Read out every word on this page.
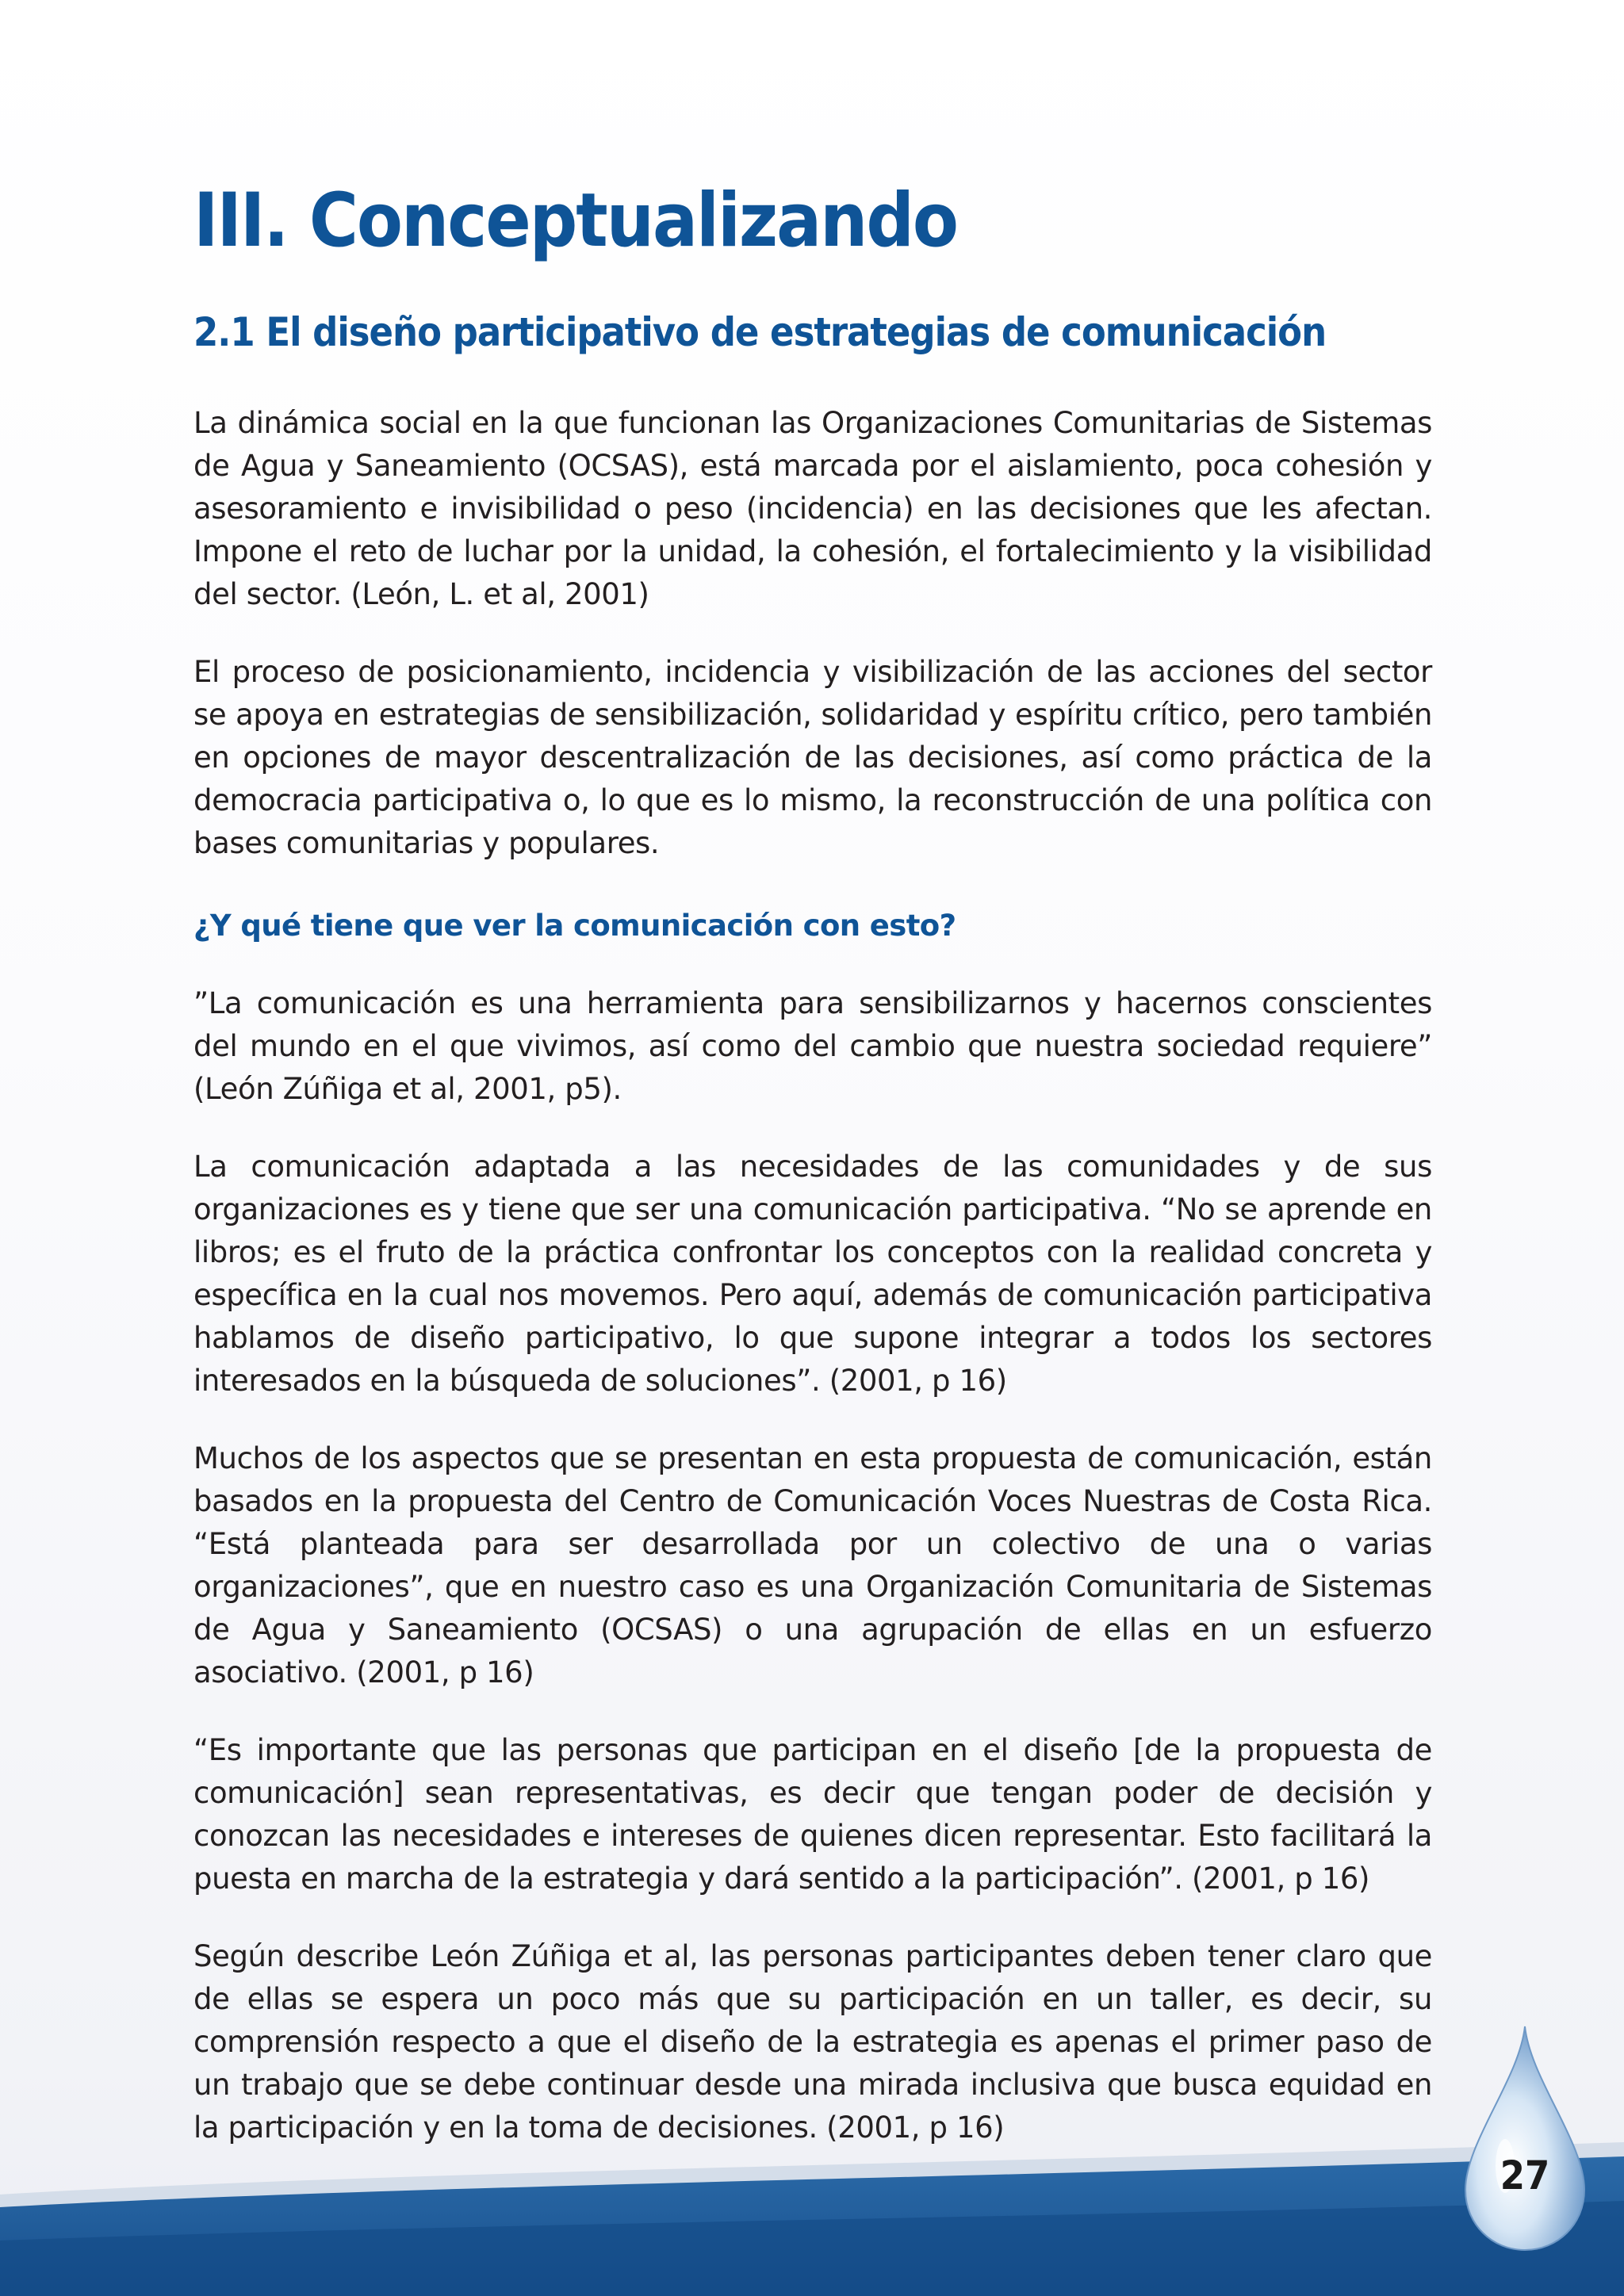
III. Conceptualizando
2.1 El diseño participativo de estrategias de comunicación

La dinámica social en la que funcionan las Organizaciones Comunitarias de Sistemas de Agua y Saneamiento (OCSAS), está marcada por el aislamiento, poca cohesión y asesoramiento e invisibilidad o peso (incidencia) en las decisiones que les afectan. Impone el reto de luchar por la unidad, la cohesión, el fortalecimiento y la visibilidad del sector. (León, L. et al, 2001)

El proceso de posicionamiento, incidencia y visibilización de las acciones del sector se apoya en estrategias de sensibilización, solidaridad y espíritu crítico, pero también en opciones de mayor descentralización de las decisiones, así como práctica de la democracia participativa o, lo que es lo mismo, la reconstrucción de una política con bases comunitarias y populares.

¿Y qué tiene que ver la comunicación con esto?

”La comunicación es una herramienta para sensibilizarnos y hacernos conscientes del mundo en el que vivimos, así como del cambio que nuestra sociedad requiere” (León Zúñiga et al, 2001, p5).

La comunicación adaptada a las necesidades de las comunidades y de sus organizaciones es y tiene que ser una comunicación participativa. “No se aprende en libros; es el fruto de la práctica confrontar los conceptos con la realidad concreta y específica en la cual nos movemos. Pero aquí, además de comunicación participativa hablamos de diseño participativo, lo que supone integrar a todos los sectores interesados en la búsqueda de soluciones”. (2001, p 16)

Muchos de los aspectos que se presentan en esta propuesta de comunicación, están basados en la propuesta del Centro de Comunicación Voces Nuestras de Costa Rica. “Está planteada para ser desarrollada por un colectivo de una o varias organizaciones”, que en nuestro caso es una Organización Comunitaria de Sistemas de Agua y Saneamiento (OCSAS) o una agrupación de ellas en un esfuerzo asociativo. (2001, p 16)

“Es importante que las personas que participan en el diseño [de la propuesta de comunicación] sean representativas, es decir que tengan poder de decisión y conozcan las necesidades e intereses de quienes dicen representar. Esto facilitará la puesta en marcha de la estrategia y dará sentido a la participación”. (2001, p 16)

Según describe León Zúñiga et al, las personas participantes deben tener claro que de ellas se espera un poco más que su participación en un taller, es decir, su comprensión respecto a que el diseño de la estrategia es apenas el primer paso de un trabajo que se debe continuar desde una mirada inclusiva que busca equidad en la participación y en la toma de decisiones. (2001, p 16)

27
